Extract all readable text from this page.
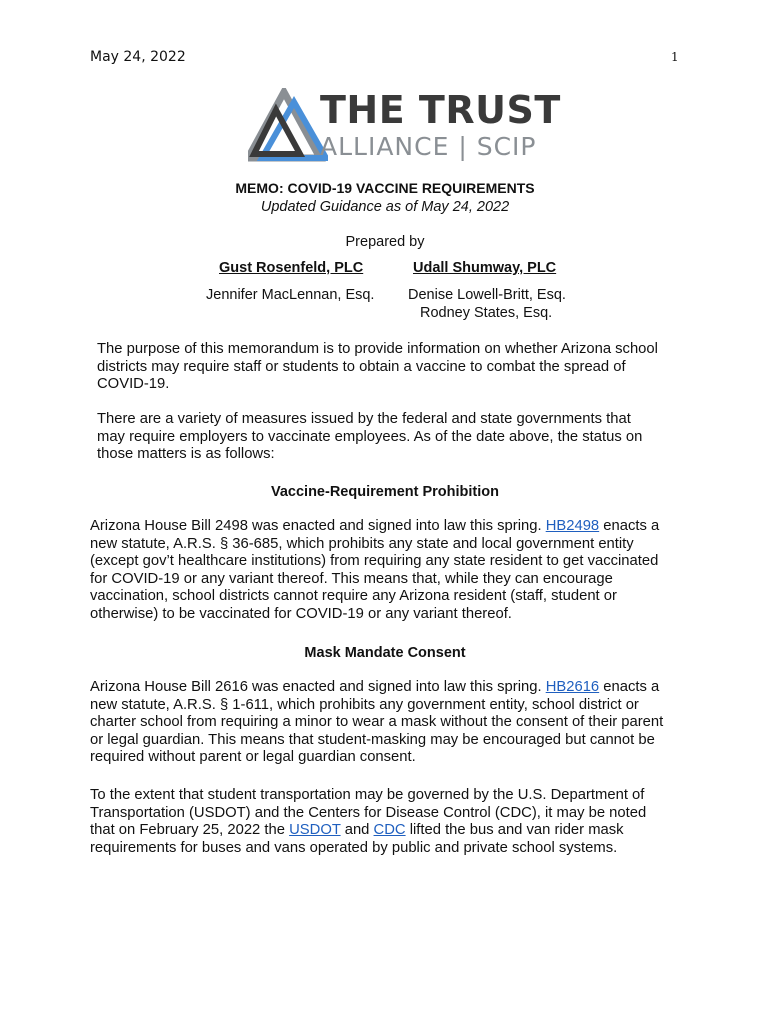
May 24, 2022	1
THE TRUST
ALLIANCE | SCIP
MEMO: COVID-19 VACCINE REQUIREMENTS
Updated Guidance as of May 24, 2022
Prepared by
Gust Rosenfeld, PLC	Udall Shumway, PLC
Jennifer MacLennan, Esq. Denise Lowell-Britt, Esq.
Rodney States, Esq.
The purpose of this memorandum is to provide information on whether Arizona school
districts may require staff or students to obtain a vaccine to combat the spread of
COVID-19.
There are a variety of measures issued by the federal and state governments that
may require employers to vaccinate employees. As of the date above, the status on
those matters is as follows:
Vaccine-Requirement Prohibition
Arizona House Bill 2498 was enacted and signed into law this spring. HB2498 enacts a
new statute, A.R.S. § 36-685, which prohibits any state and local government entity
(except gov’t healthcare institutions) from requiring any state resident to get vaccinated
for COVID-19 or any variant thereof. This means that, while they can encourage
vaccination, school districts cannot require any Arizona resident (staff, student or
otherwise) to be vaccinated for COVID-19 or any variant thereof.
Mask Mandate Consent
Arizona House Bill 2616 was enacted and signed into law this spring. HB2616 enacts a
new statute, A.R.S. § 1-611, which prohibits any government entity, school district or
charter school from requiring a minor to wear a mask without the consent of their parent
or legal guardian. This means that student-masking may be encouraged but cannot be
required without parent or legal guardian consent.
To the extent that student transportation may be governed by the U.S. Department of
Transportation (USDOT) and the Centers for Disease Control (CDC), it may be noted
that on February 25, 2022 the USDOT and CDC lifted the bus and van rider mask
requirements for buses and vans operated by public and private school systems.
